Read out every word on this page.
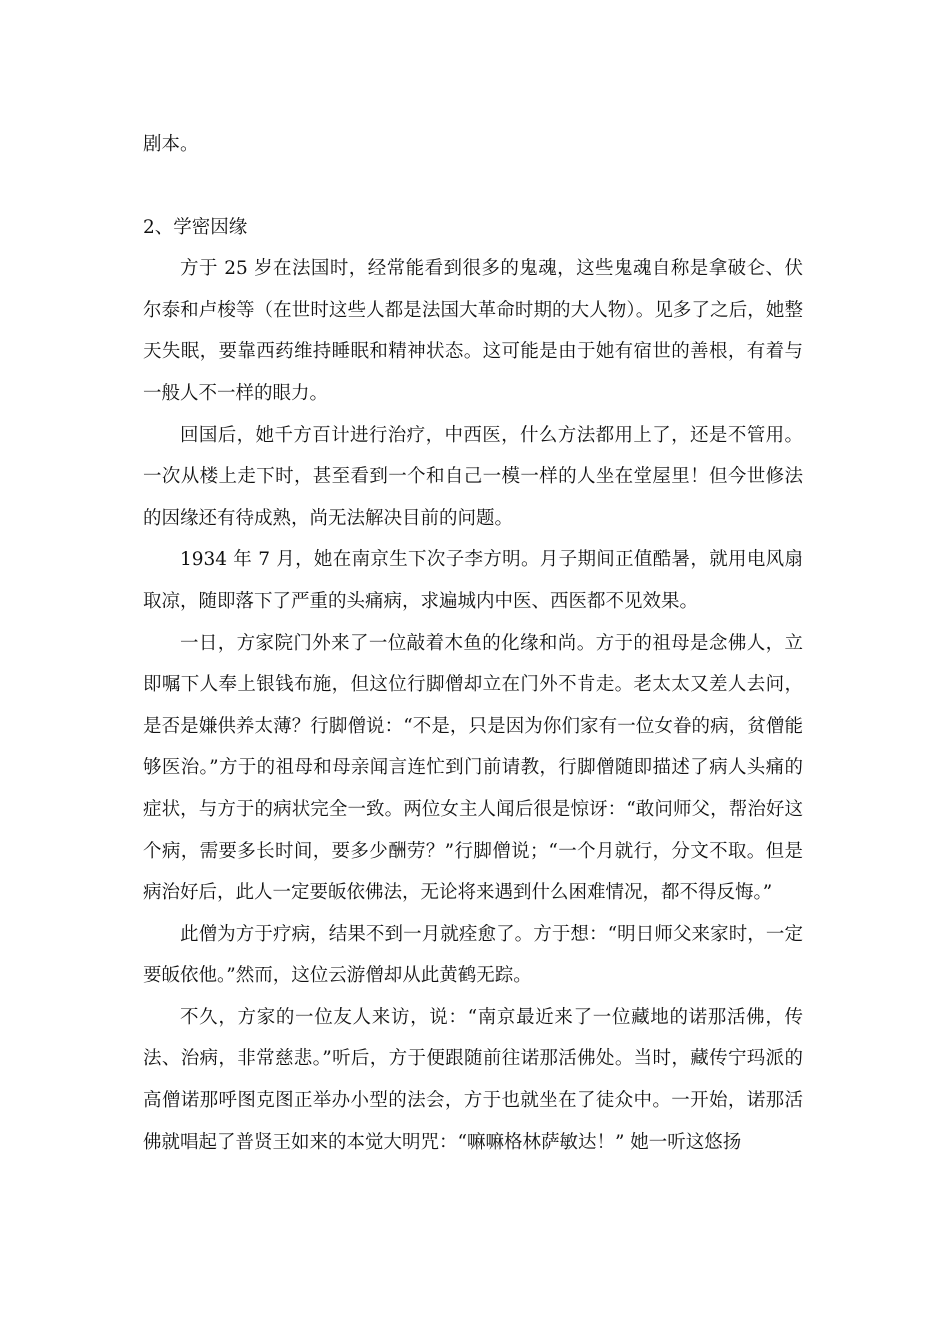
剧本。

2、学密因缘

方于 25 岁在法国时，经常能看到很多的鬼魂，这些鬼魂自称是拿破仑、伏尔泰和卢梭等（在世时这些人都是法国大革命时期的大人物）。见多了之后，她整天失眠，要靠西药维持睡眠和精神状态。这可能是由于她有宿世的善根，有着与一般人不一样的眼力。

回国后，她千方百计进行治疗，中西医，什么方法都用上了，还是不管用。一次从楼上走下时，甚至看到一个和自己一模一样的人坐在堂屋里！但今世修法的因缘还有待成熟，尚无法解决目前的问题。

1934 年 7 月，她在南京生下次子李方明。月子期间正值酷暑，就用电风扇取凉，随即落下了严重的头痛病，求遍城内中医、西医都不见效果。

一日，方家院门外来了一位敲着木鱼的化缘和尚。方于的祖母是念佛人，立即嘱下人奉上银钱布施，但这位行脚僧却立在门外不肯走。老太太又差人去问，是否是嫌供养太薄？行脚僧说：“不是，只是因为你们家有一位女眷的病，贫僧能够医治。”方于的祖母和母亲闻言连忙到门前请教，行脚僧随即描述了病人头痛的症状，与方于的病状完全一致。两位女主人闻后很是惊讶：“敢问师父，帮治好这个病，需要多长时间，要多少酬劳？”行脚僧说；“一个月就行，分文不取。但是病治好后，此人一定要皈依佛法，无论将来遇到什么困难情况，都不得反悔。”

此僧为方于疗病，结果不到一月就痊愈了。方于想：“明日师父来家时，一定要皈依他。”然而，这位云游僧却从此黄鹤无踪。

不久，方家的一位友人来访，说：“南京最近来了一位藏地的诺那活佛，传法、治病，非常慈悲。”听后，方于便跟随前往诺那活佛处。当时，藏传宁玛派的高僧诺那呼图克图正举办小型的法会，方于也就坐在了徒众中。一开始，诺那活佛就唱起了普贤王如来的本觉大明咒：“嘛嘛格林萨敏达！” 她一听这悠扬
